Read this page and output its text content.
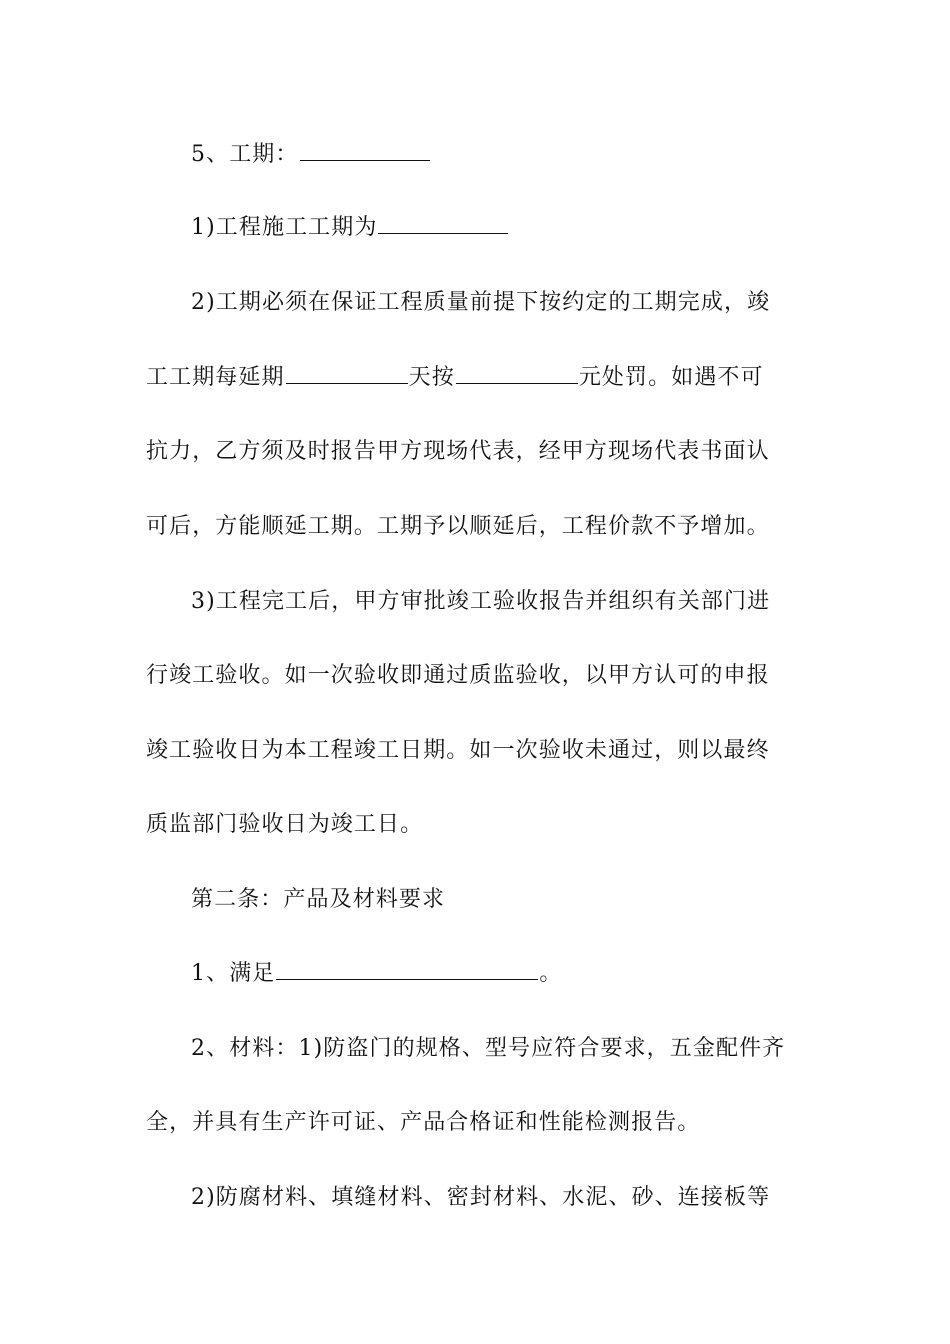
5、工期：
1)工程施工工期为
2)工期必须在保证工程质量前提下按约定的工期完成，竣
工工期每延期	天按	元处罚。如遇不可
抗力，乙方须及时报告甲方现场代表，经甲方现场代表书面认
可后，方能顺延工期。工期予以顺延后，工程价款不予增加。
3)工程完工后，甲方审批竣工验收报告并组织有关部门进
行竣工验收。如一次验收即通过质监验收，以甲方认可的申报
竣工验收日为本工程竣工日期。如一次验收未通过，则以最终
质监部门验收日为竣工日。
第二条：产品及材料要求
1、满足	。
2、材料：1)防盗门的规格、型号应符合要求，五金配件齐
全，并具有生产许可证、产品合格证和性能检测报告。
2)防腐材料、填缝材料、密封材料、水泥、砂、连接板等
